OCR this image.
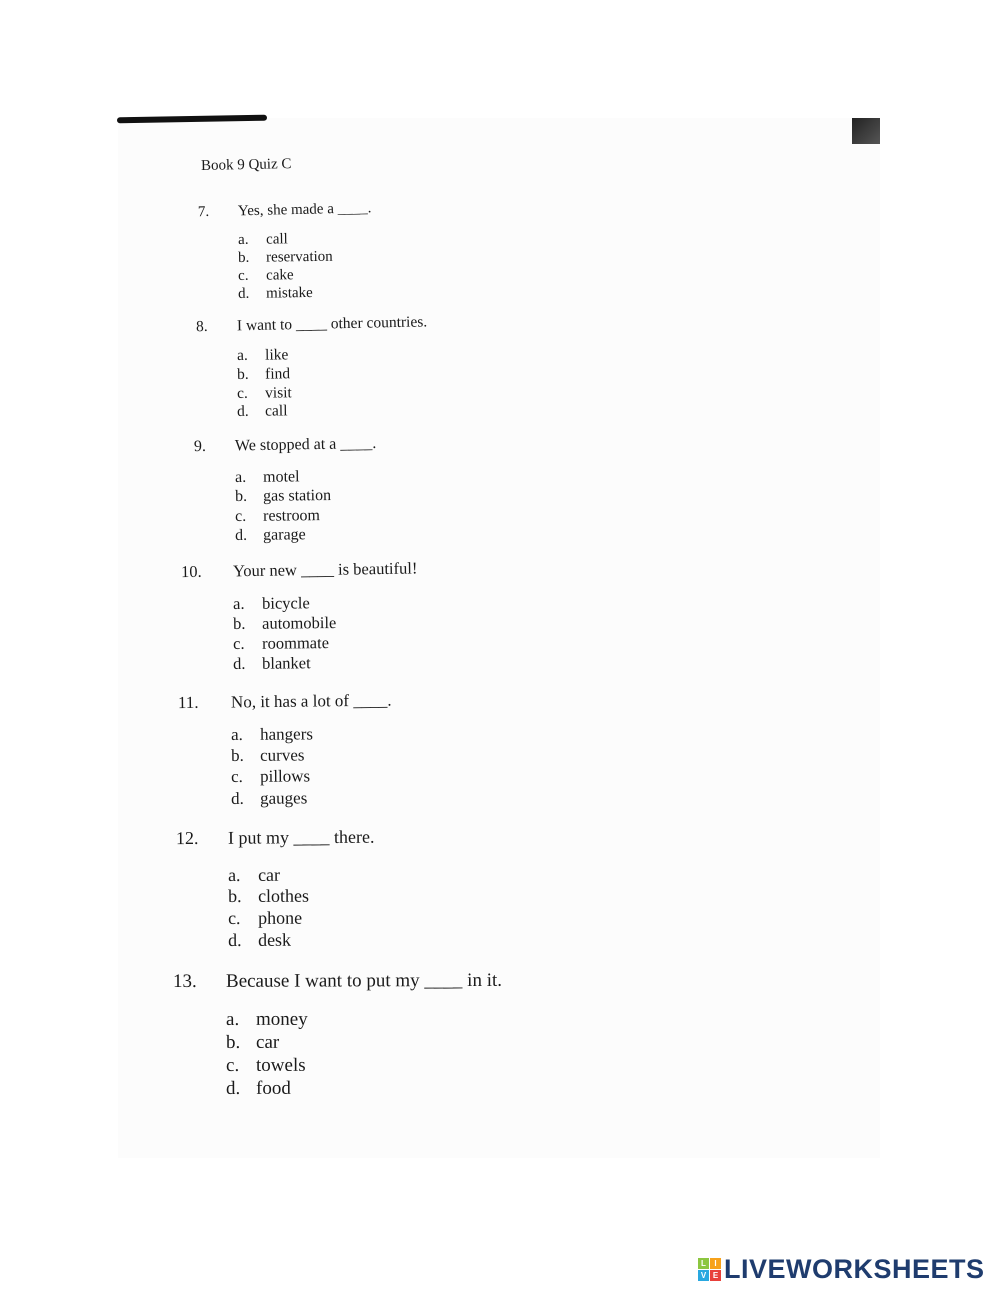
Book 9 Quiz C
7. Yes, she made a ____.
a. call
b. reservation
c. cake
d. mistake
8. I want to ____ other countries.
a. like
b. find
c. visit
d. call
9. We stopped at a ____.
a. motel
b. gas station
c. restroom
d. garage
10. Your new ____ is beautiful!
a. bicycle
b. automobile
c. roommate
d. blanket
11. No, it has a lot of ____.
a. hangers
b. curves
c. pillows
d. gauges
12. I put my ____ there.
a. car
b. clothes
c. phone
d. desk
13. Because I want to put my ____ in it.
a. money
b. car
c. towels
d. food
L	I
V E LIVEWORKSHEETS
